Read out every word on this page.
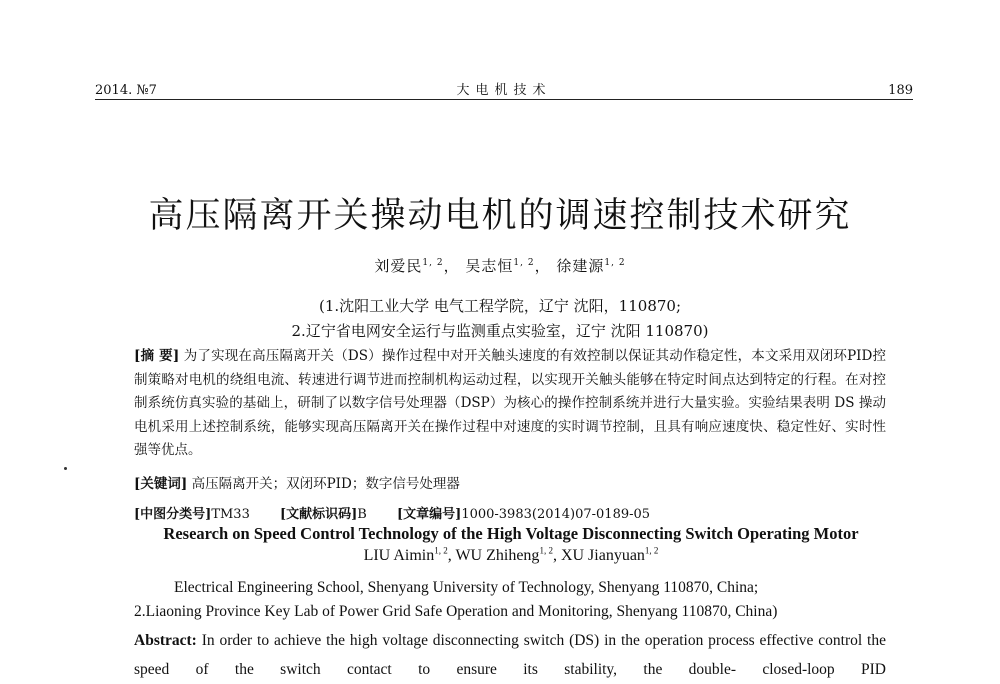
2014. №7	大电机技术	189
高压隔离开关操动电机的调速控制技术研究
刘爱民$^{1, 2}$， 吴志恒$^{1, 2}$， 徐建源$^{1, 2}$
(1.沈阳工业大学 电气工程学院，辽宁 沈阳，110870;
2.辽宁省电网安全运行与监测重点实验室，辽宁 沈阳 110870)
[摘 要] 为了实现在高压隔离开关（DS）操作过程中对开关触头速度的有效控制以保证其动作稳定性，本文采用双闭环PID控制策略对电机的绕组电流、转速进行调节进而控制机构运动过程，以实现开关触头能够在特定时间点达到特定的行程。在对控制系统仿真实验的基础上，研制了以数字信号处理器（DSP）为核心的操作控制系统并进行大量实验。实验结果表明 DS 操动电机采用上述控制系统，能够实现高压隔离开关在操作过程中对速度的实时调节控制，且具有响应速度快、稳定性好、实时性强等优点。
[关键词] 高压隔离开关；双闭环PID；数字信号处理器
[中图分类号]TM33 [文献标识码]B [文章编号]1000-3983(2014)07-0189-05
Research on Speed Control Technology of the High Voltage Disconnecting Switch Operating Motor
LIU Aimin$^{1, 2}$, WU Zhiheng$^{1, 2}$, XU Jianyuan$^{1, 2}$
Electrical Engineering School, Shenyang University of Technology, Shenyang 110870, China;
2.Liaoning Province Key Lab of Power Grid Safe Operation and Monitoring, Shenyang 110870, China)
Abstract: In order to achieve the high voltage disconnecting switch (DS) in the operation process effective control the speed of the switch contact to ensure its stability, the double- closed-loop PID
